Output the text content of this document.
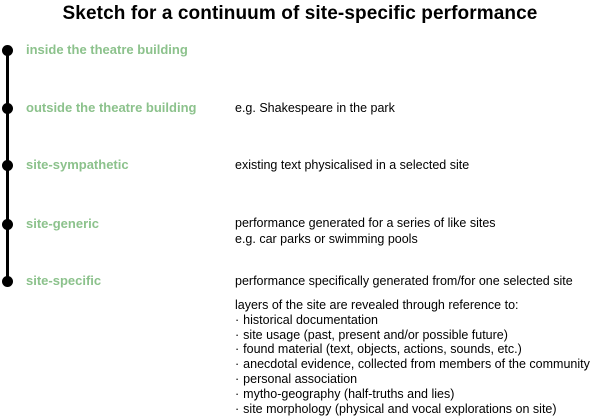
Sketch for a continuum of site-specific performance
inside the theatre building
outside the theatre building	e.g. Shakespeare in the park
site-sympathetic	existing text physicalised in a selected site
site-generic	performance generated for a series of like sites
e.g. car parks or swimming pools
site-specific	performance specifically generated from/for one selected site
layers of the site are revealed through reference to:
· historical documentation
· site usage (past, present and/or possible future)
· found material (text, objects, actions, sounds, etc.)
· anecdotal evidence, collected from members of the community
· personal association
· mytho-geography (half-truths and lies)
· site morphology (physical and vocal explorations on site)
